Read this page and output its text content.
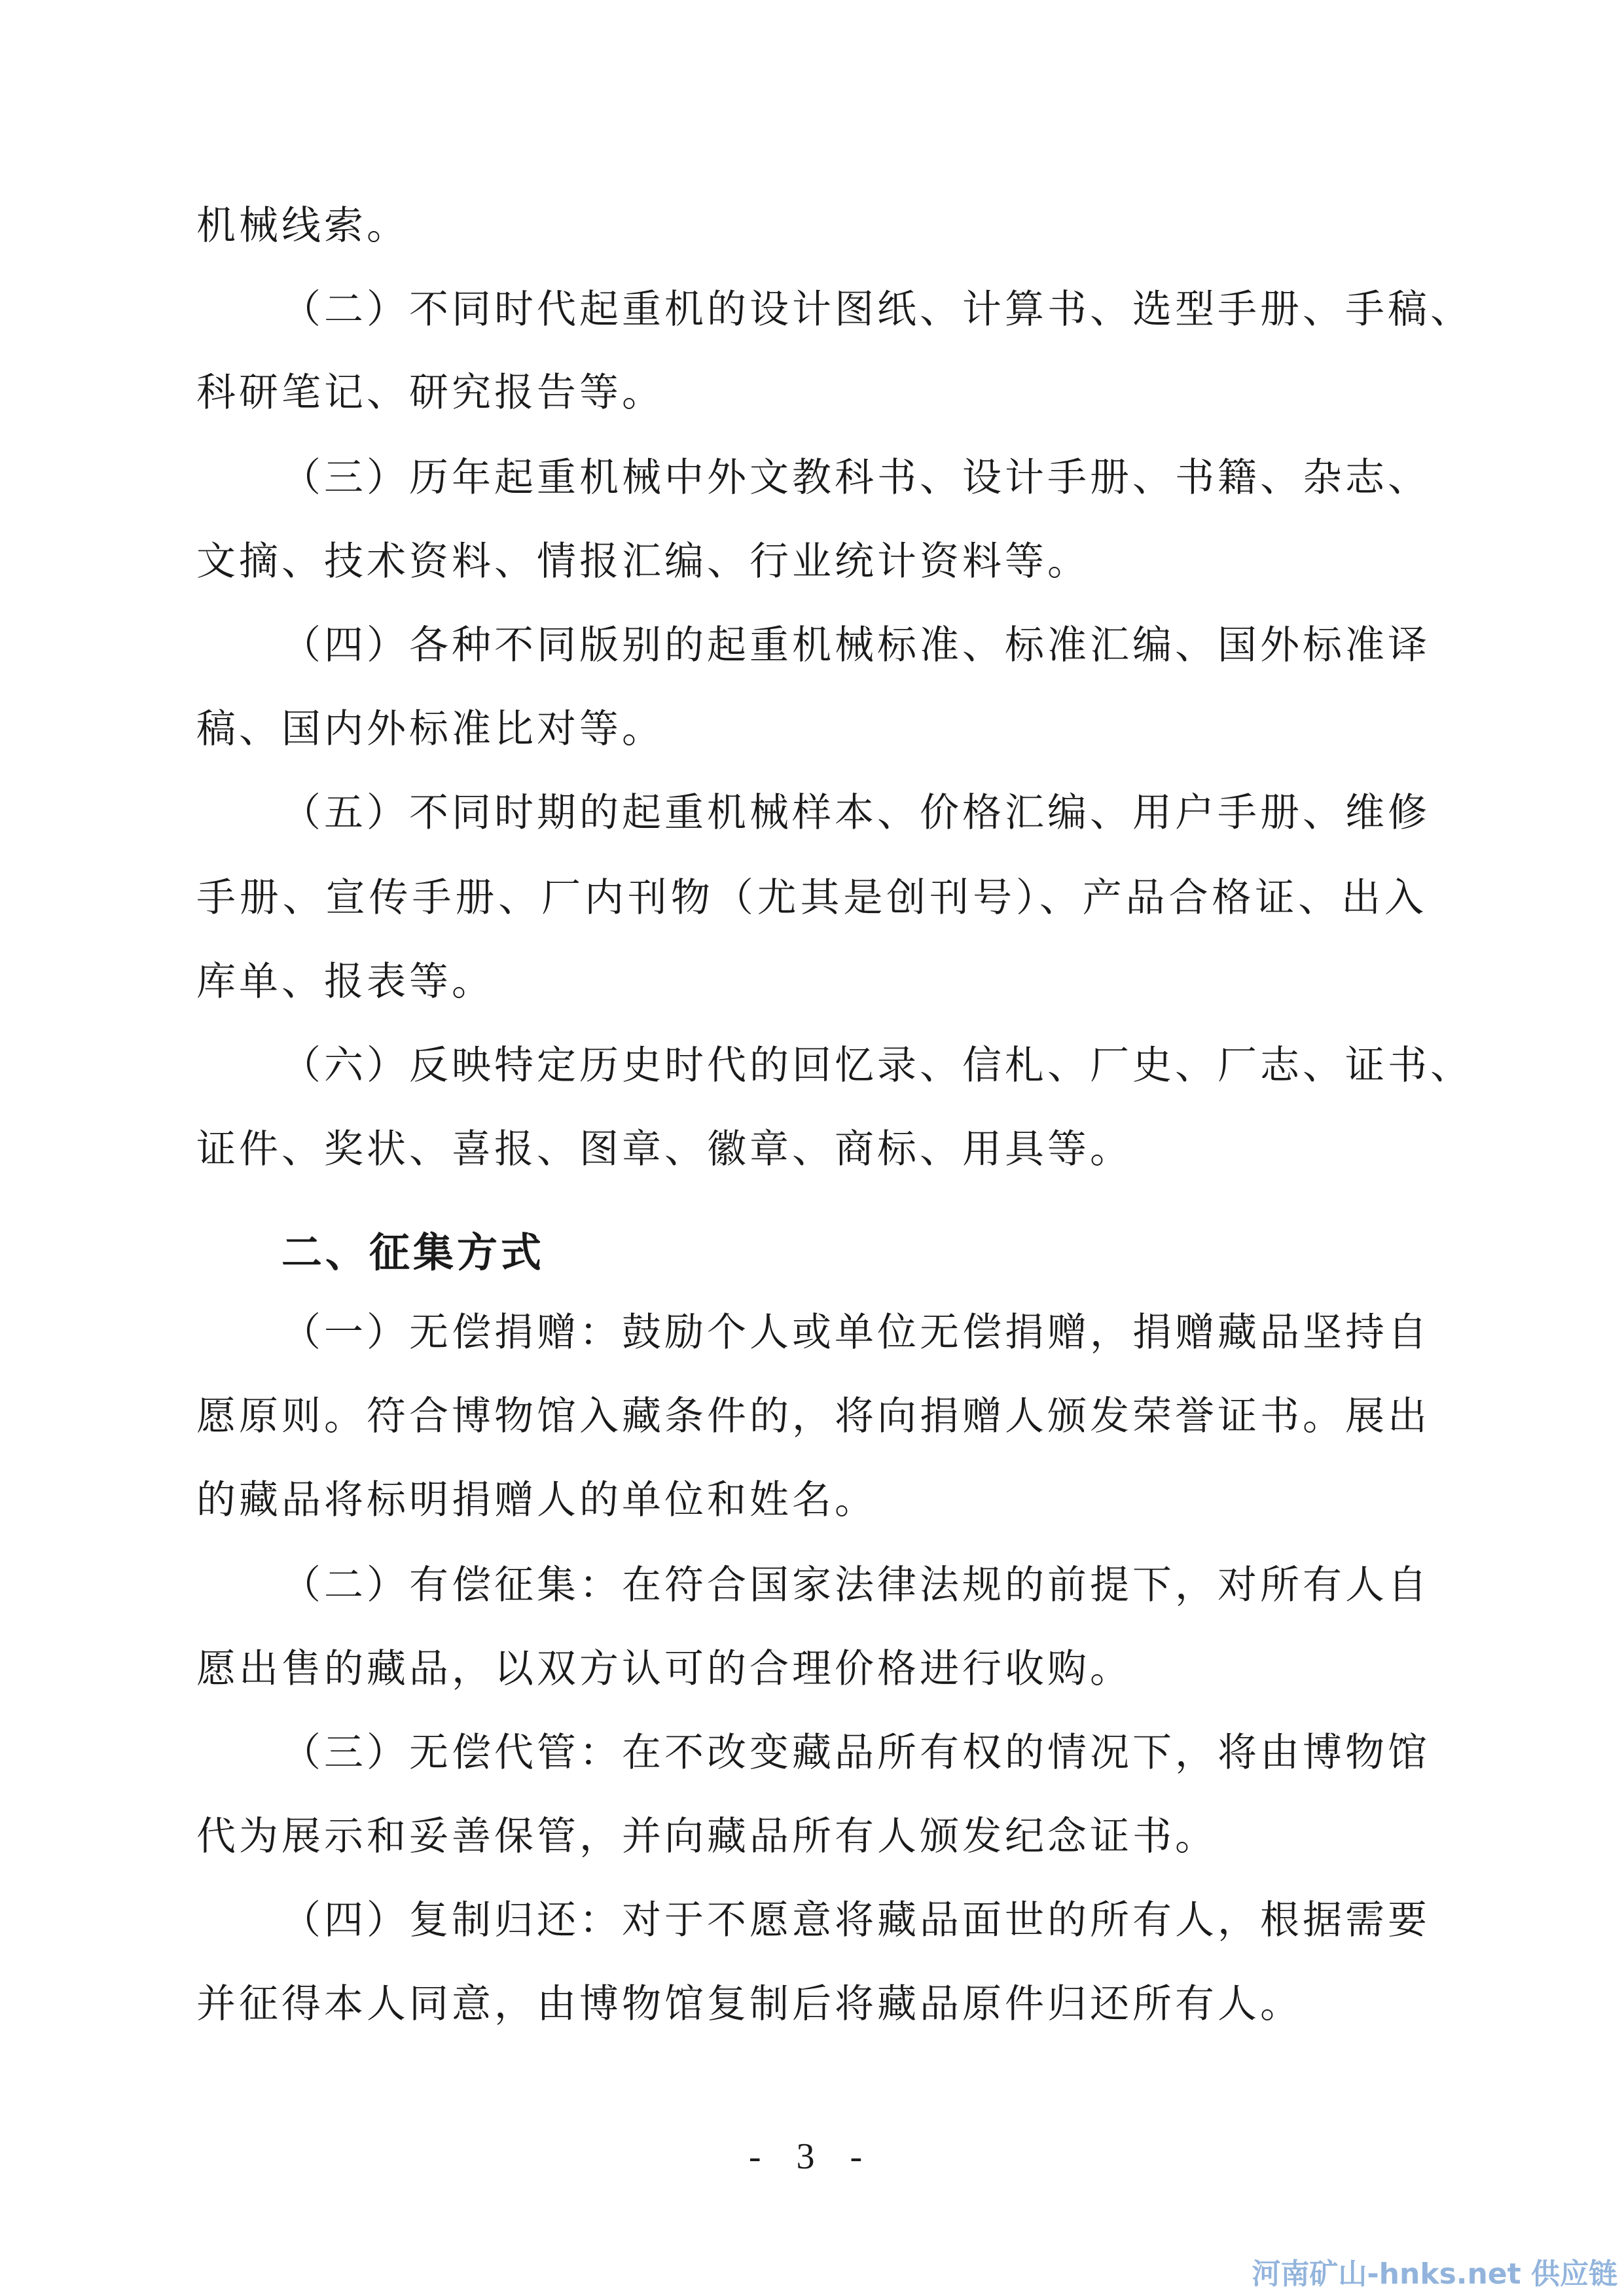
机械线索。
（二）不同时代起重机的设计图纸、计算书、选型手册、手稿、
科研笔记、研究报告等。
（三）历年起重机械中外文教科书、设计手册、书籍、杂志、
文摘、技术资料、情报汇编、行业统计资料等。
（四）各种不同版别的起重机械标准、标准汇编、国外标准译
稿、国内外标准比对等。
（五）不同时期的起重机械样本、价格汇编、用户手册、维修
手册、宣传手册、厂内刊物（尤其是创刊号）、产品合格证、出入
库单、报表等。
（六）反映特定历史时代的回忆录、信札、厂史、厂志、证书、
证件、奖状、喜报、图章、徽章、商标、用具等。
二、征集方式
（一）无偿捐赠：鼓励个人或单位无偿捐赠，捐赠藏品坚持自
愿原则。符合博物馆入藏条件的，将向捐赠人颁发荣誉证书。展出
的藏品将标明捐赠人的单位和姓名。
（二）有偿征集：在符合国家法律法规的前提下，对所有人自
愿出售的藏品，以双方认可的合理价格进行收购。
（三）无偿代管：在不改变藏品所有权的情况下，将由博物馆
代为展示和妥善保管，并向藏品所有人颁发纪念证书。
（四）复制归还：对于不愿意将藏品面世的所有人，根据需要
并征得本人同意，由博物馆复制后将藏品原件归还所有人。
- 3 -
河南矿山-hnks.net 供应链
